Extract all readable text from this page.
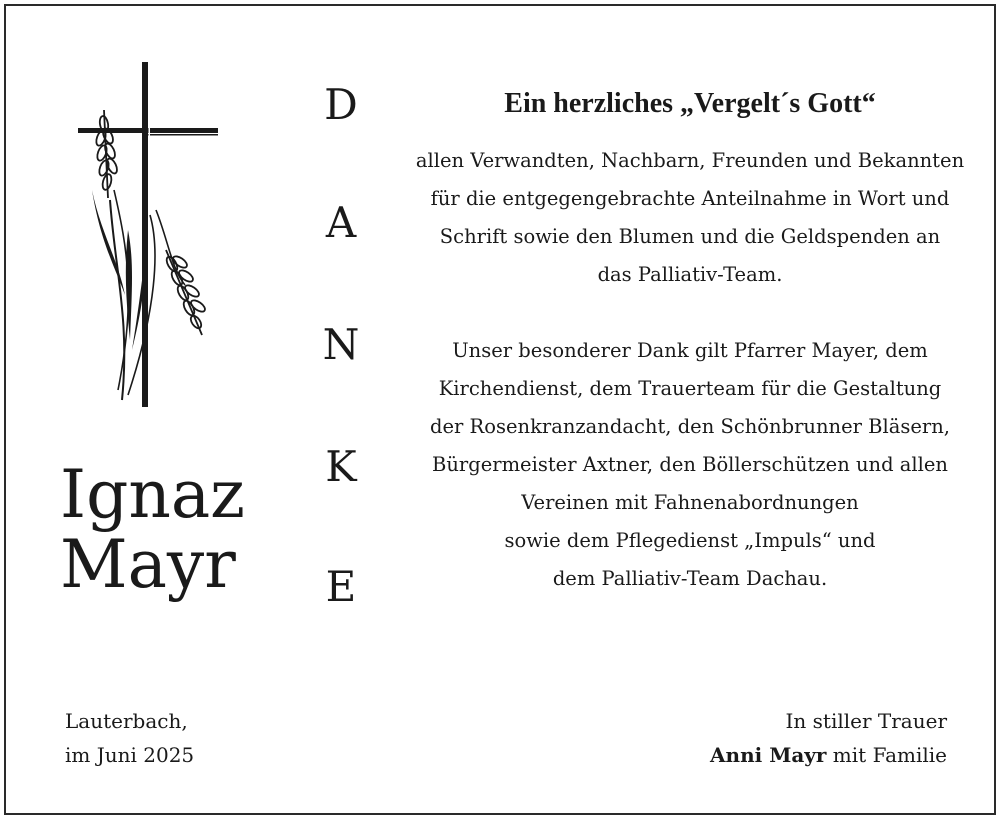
Ignaz
Mayr
D
A
N
K
E
Ein herzliches „Vergelt´s Gott“
allen Verwandten, Nachbarn, Freunden und Bekannten
für die entgegengebrachte Anteilnahme in Wort und
Schrift sowie den Blumen und die Geldspenden an
das Palliativ-Team.
Unser besonderer Dank gilt Pfarrer Mayer, dem
Kirchendienst, dem Trauerteam für die Gestaltung
der Rosenkranzandacht, den Schönbrunner Bläsern,
Bürgermeister Axtner, den Böllerschützen und allen
Vereinen mit Fahnenabordnungen
sowie dem Pflegedienst „Impuls“ und
dem Palliativ-Team Dachau.
Lauterbach,
im Juni 2025
In stiller Trauer
Anni Mayr mit Familie
